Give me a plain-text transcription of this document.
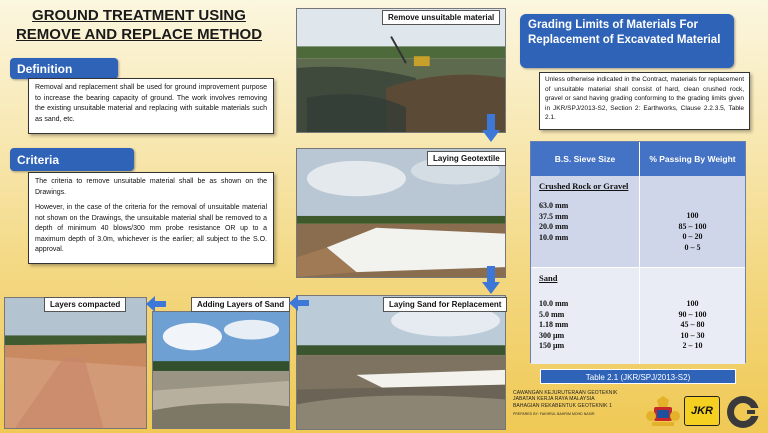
GROUND TREATMENT USING
REMOVE AND REPLACE METHOD
Definition

Removal and replacement shall be used for ground improvement purpose to increase the bearing capacity of ground. The work involves removing the existing unsuitable material and replacing with suitable materials such as sand, etc.

Criteria

The criteria to remove unsuitable material shall be as shown on the Drawings.

However, in the case of the criteria for the removal of unsuitable material not shown on the Drawings, the unsuitable material shall be removed to a depth of minimum 40 blows/300 mm probe resistance OR up to a maximum depth of 3.0m, whichever is the earlier; all subject to the S.O. approval.

Remove unsuitable material
Laying Geotextile
Laying Sand for Replacement
Adding Layers of Sand
Layers compacted
Grading Limits of Materials For Replacement of Excavated Material

Unless otherwise indicated in the Contract, materials for replacement of unsuitable material shall consist of hard, clean crushed rock, gravel or sand having grading conforming to the grading limits given in JKR/SPJ/2013-S2, Section 2: Earthworks, Clause 2.2.3.5, Table 2.1.

B.S. Sieve Size	% Passing By Weight
Crushed Rock or Gravel
63.0 mm
37.5 mm
20.0 mm
10.0 mm
100
85 – 100
0 – 20
0 – 5
Sand
10.0 mm
5.0 mm
1.18 mm
300 μm
150 μm
100
90 – 100
45 – 80
10 – 30
2 – 10
Table 2.1 (JKR/SPJ/2013-S2)
CAWANGAN KEJURUTERAAN GEOTEKNIK
JABATAN KERJA RAYA MALAYSIA
BAHAGIAN REKABENTUK GEOTEKNIK 1
PREPARED BY: FAKHRUL BAHRIM MOHD NASIR	JKR
